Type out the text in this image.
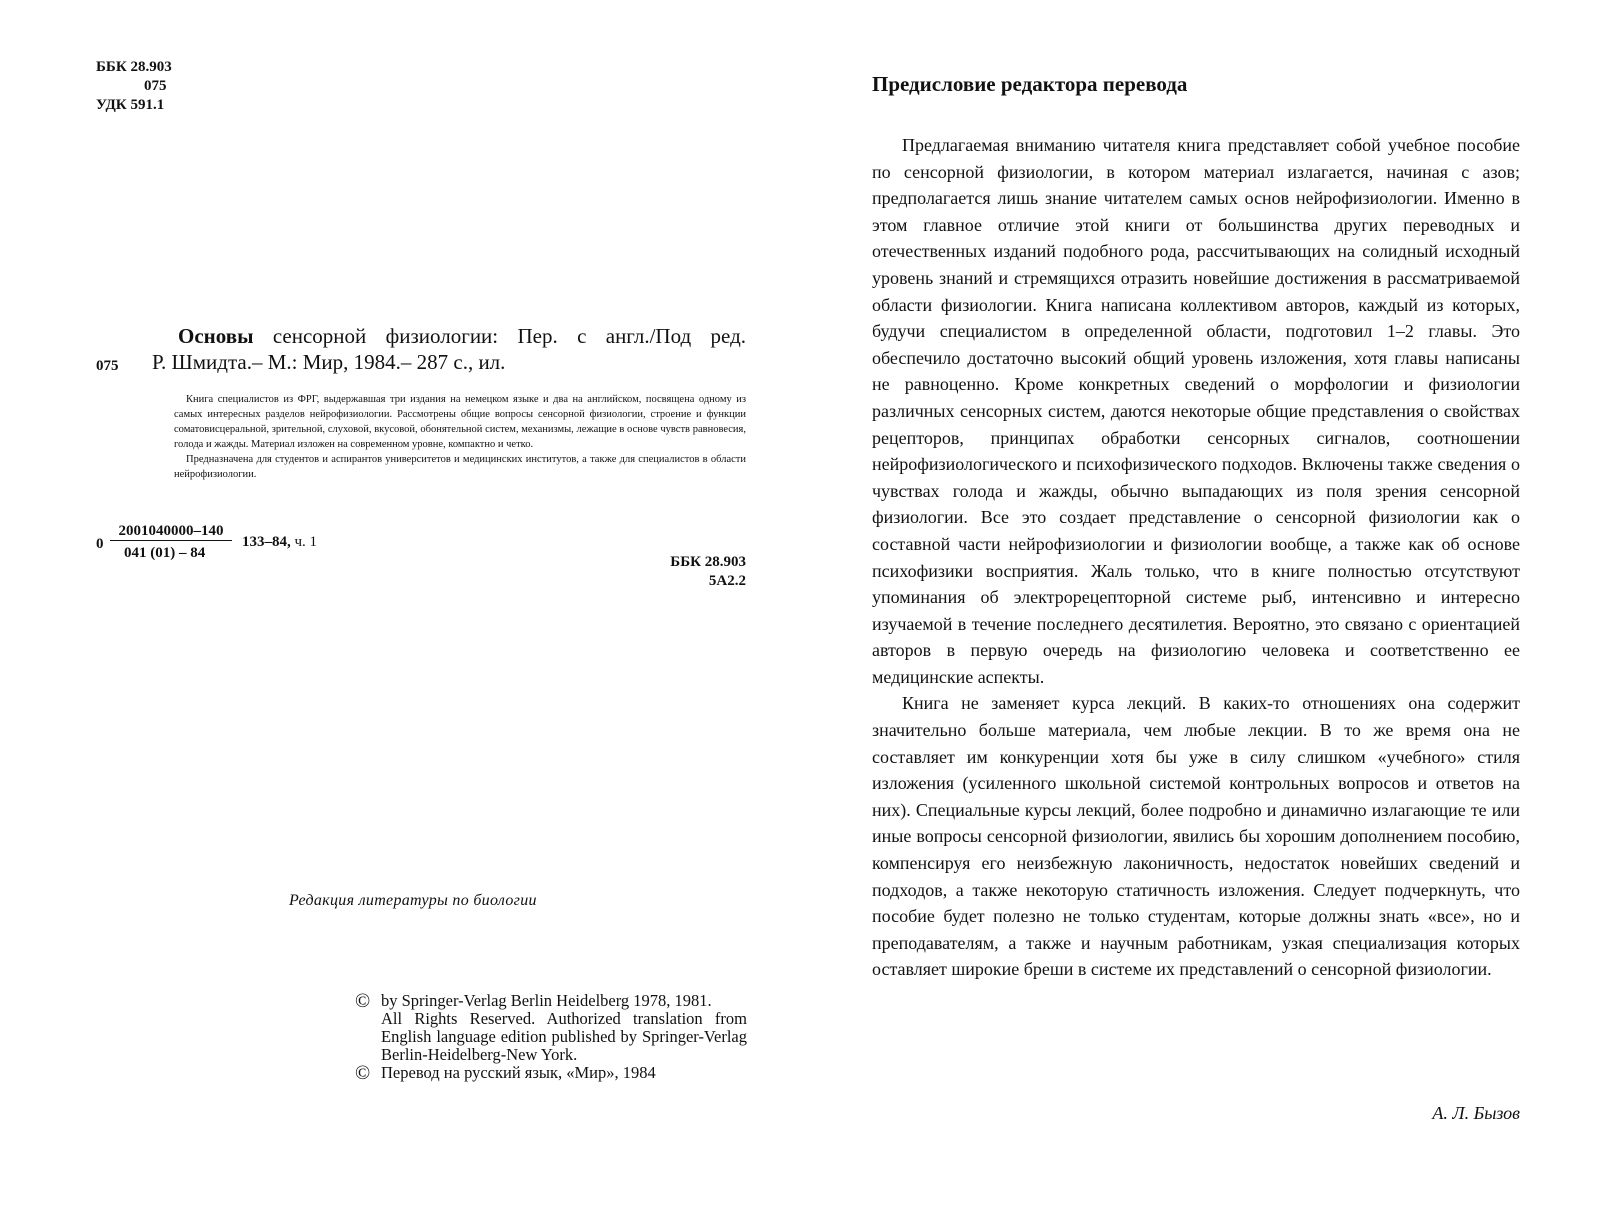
ББК 28.903
075
УДК 591.1
Основы сенсорной физиологии: Пер. с англ./Под ред.
075	Р. Шмидта.– М.: Мир, 1984.– 287 с., ил.

Книга специалистов из ФРГ, выдержавшая три издания на немецком языке и два на английском, посвящена одному из самых интересных разделов нейрофизиологии. Рассмотрены общие вопросы сенсорной физиологии, строение и функции соматовисцеральной, зрительной, слуховой, вкусовой, обонятельной систем, механизмы, лежащие в основе чувств равновесия, голода и жажды. Материал изложен на современном уровне, компактно и четко.

Предназначена для студентов и аспирантов университетов и медицинских институтов, а также для специалистов в области нейрофизиологии.

0
2001040000–140
041 (01) – 84
133–84, ч. 1
ББК 28.903
5А2.2
Редакция литературы по биологии
© by Springer-Verlag Berlin Heidelberg 1978, 1981.
All Rights Reserved. Authorized translation from English language edition published by Springer-Verlag Berlin-Heidelberg-New York.
© Перевод на русский язык, «Мир», 1984
Предисловие редактора перевода

Предлагаемая вниманию читателя книга представляет собой учебное пособие по сенсорной физиологии, в котором материал излагается, начиная с азов; предполагается лишь знание читателем самых основ нейрофизиологии. Именно в этом главное отличие этой книги от большинства других переводных и отечественных изданий подобного рода, рассчитывающих на солидный исходный уровень знаний и стремящихся отразить новейшие достижения в рассматриваемой области физиологии. Книга написана коллективом авторов, каждый из которых, будучи специалистом в определенной области, подготовил 1–2 главы. Это обеспечило достаточно высокий общий уровень изложения, хотя главы написаны не равноценно. Кроме конкретных сведений о морфологии и физиологии различных сенсорных систем, даются некоторые общие представления о свойствах рецепторов, принципах обработки сенсорных сигналов, соотношении нейрофизиологического и психофизического подходов. Включены также сведения о чувствах голода и жажды, обычно выпадающих из поля зрения сенсорной физиологии. Все это создает представление о сенсорной физиологии как о составной части нейрофизиологии и физиологии вообще, а также как об основе психофизики восприятия. Жаль только, что в книге полностью отсутствуют упоминания об электрорецепторной системе рыб, интенсивно и интересно изучаемой в течение последнего десятилетия. Вероятно, это связано с ориентацией авторов в первую очередь на физиологию человека и соответственно ее медицинские аспекты.

Книга не заменяет курса лекций. В каких-то отношениях она содержит значительно больше материала, чем любые лекции. В то же время она не составляет им конкуренции хотя бы уже в силу слишком «учебного» стиля изложения (усиленного школьной системой контрольных вопросов и ответов на них). Специальные курсы лекций, более подробно и динамично излагающие те или иные вопросы сенсорной физиологии, явились бы хорошим дополнением пособию, компенсируя его неизбежную лаконичность, недостаток новейших сведений и подходов, а также некоторую статичность изложения. Следует подчеркнуть, что пособие будет полезно не только студентам, которые должны знать «все», но и преподавателям, а также и научным работникам, узкая специализация которых оставляет широкие бреши в системе их представлений о сенсорной физиологии.

А. Л. Бызов
